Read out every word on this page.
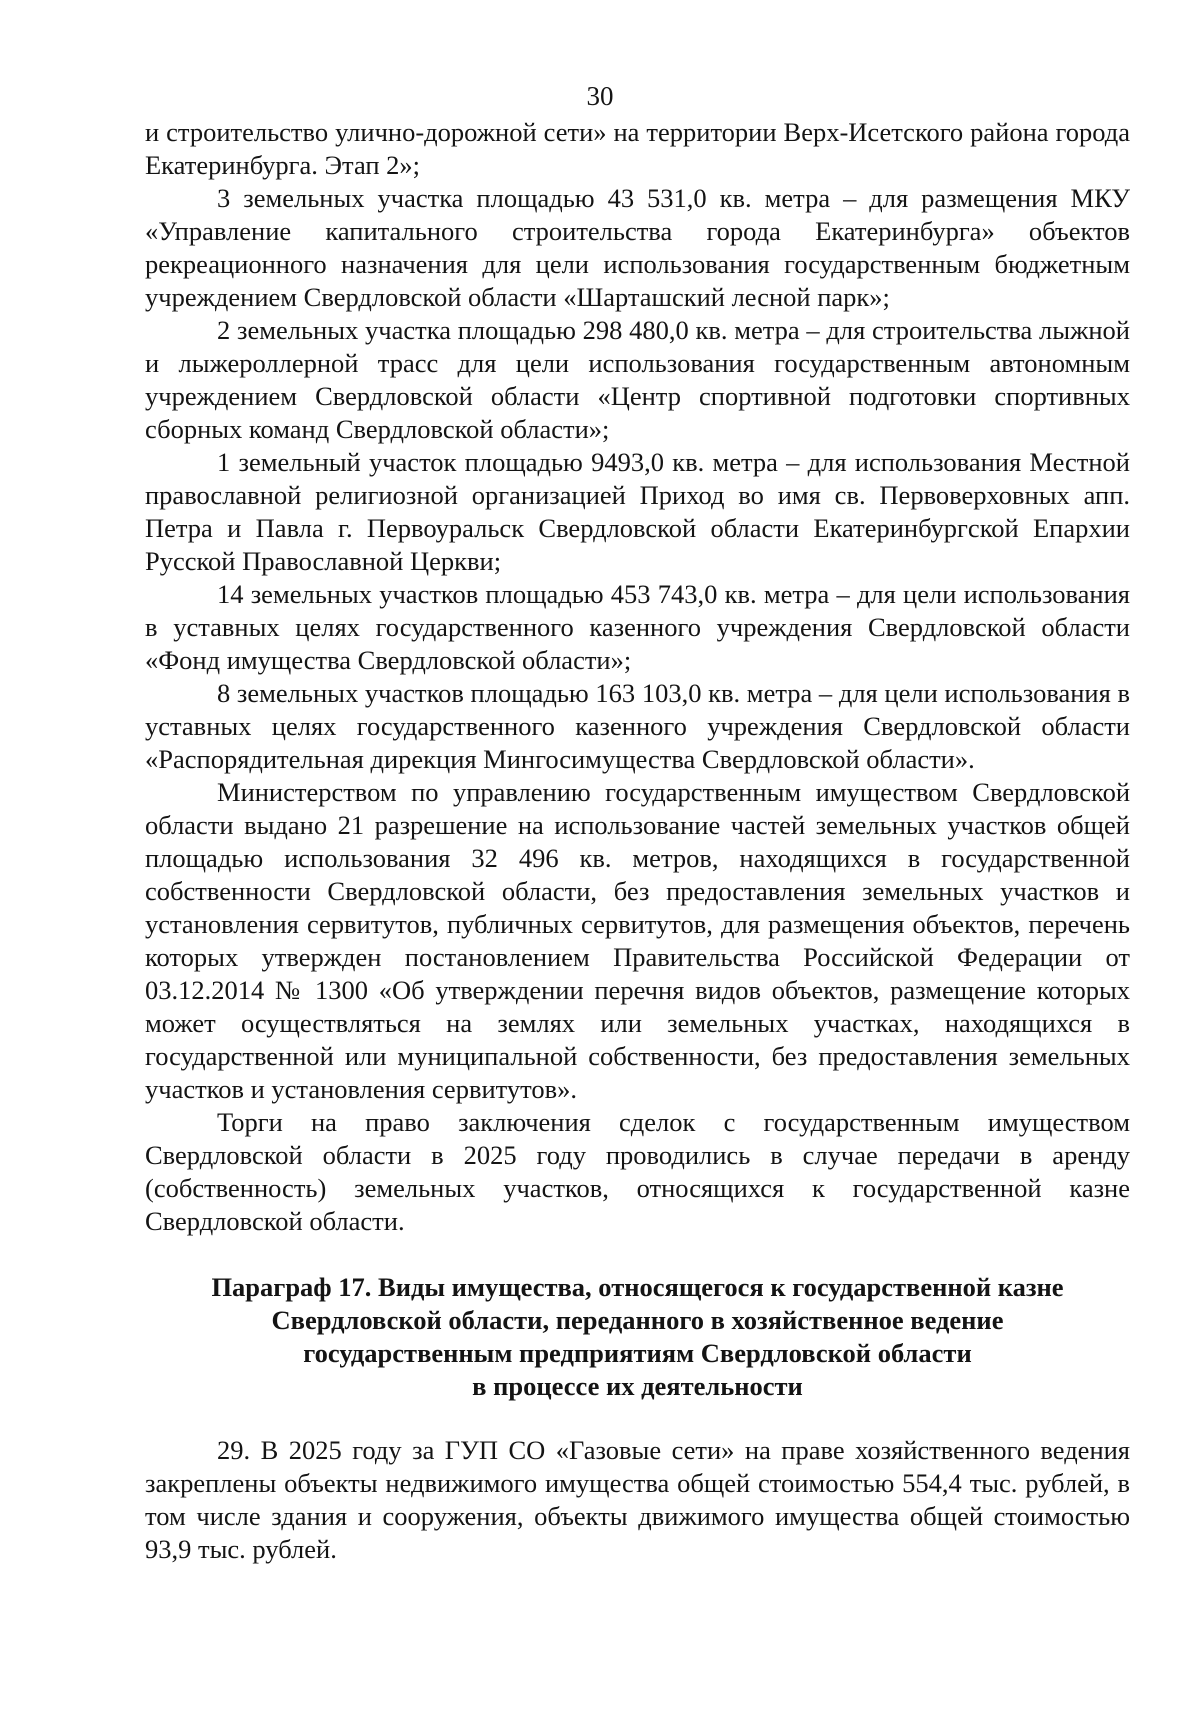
30

и строительство улично-дорожной сети» на территории Верх-Исетского района города Екатеринбурга. Этап 2»;

3 земельных участка площадью 43 531,0 кв. метра – для размещения МКУ «Управление капитального строительства города Екатеринбурга» объектов рекреационного назначения для цели использования государственным бюджетным учреждением Свердловской области «Шарташский лесной парк»;

2 земельных участка площадью 298 480,0 кв. метра – для строительства лыжной и лыжероллерной трасс для цели использования государственным автономным учреждением Свердловской области «Центр спортивной подготовки спортивных сборных команд Свердловской области»;

1 земельный участок площадью 9493,0 кв. метра – для использования Местной православной религиозной организацией Приход во имя св. Первоверховных апп. Петра и Павла г. Первоуральск Свердловской области Екатеринбургской Епархии Русской Православной Церкви;

14 земельных участков площадью 453 743,0 кв. метра – для цели использования в уставных целях государственного казенного учреждения Свердловской области «Фонд имущества Свердловской области»;

8 земельных участков площадью 163 103,0 кв. метра – для цели использования в уставных целях государственного казенного учреждения Свердловской области «Распорядительная дирекция Мингосимущества Свердловской области».

Министерством по управлению государственным имуществом Свердловской области выдано 21 разрешение на использование частей земельных участков общей площадью использования 32 496 кв. метров, находящихся в государственной собственности Свердловской области, без предоставления земельных участков и установления сервитутов, публичных сервитутов, для размещения объектов, перечень которых утвержден постановлением Правительства Российской Федерации от 03.12.2014 № 1300 «Об утверждении перечня видов объектов, размещение которых может осуществляться на землях или земельных участках, находящихся в государственной или муниципальной собственности, без предоставления земельных участков и установления сервитутов».

Торги на право заключения сделок с государственным имуществом Свердловской области в 2025 году проводились в случае передачи в аренду (собственность) земельных участков, относящихся к государственной казне Свердловской области.

Параграф 17. Виды имущества, относящегося к государственной казне
Свердловской области, переданного в хозяйственное ведение
государственным предприятиям Свердловской области
в процессе их деятельности

29. В 2025 году за ГУП СО «Газовые сети» на праве хозяйственного ведения закреплены объекты недвижимого имущества общей стоимостью 554,4 тыс. рублей, в том числе здания и сооружения, объекты движимого имущества общей стоимостью 93,9 тыс. рублей.
